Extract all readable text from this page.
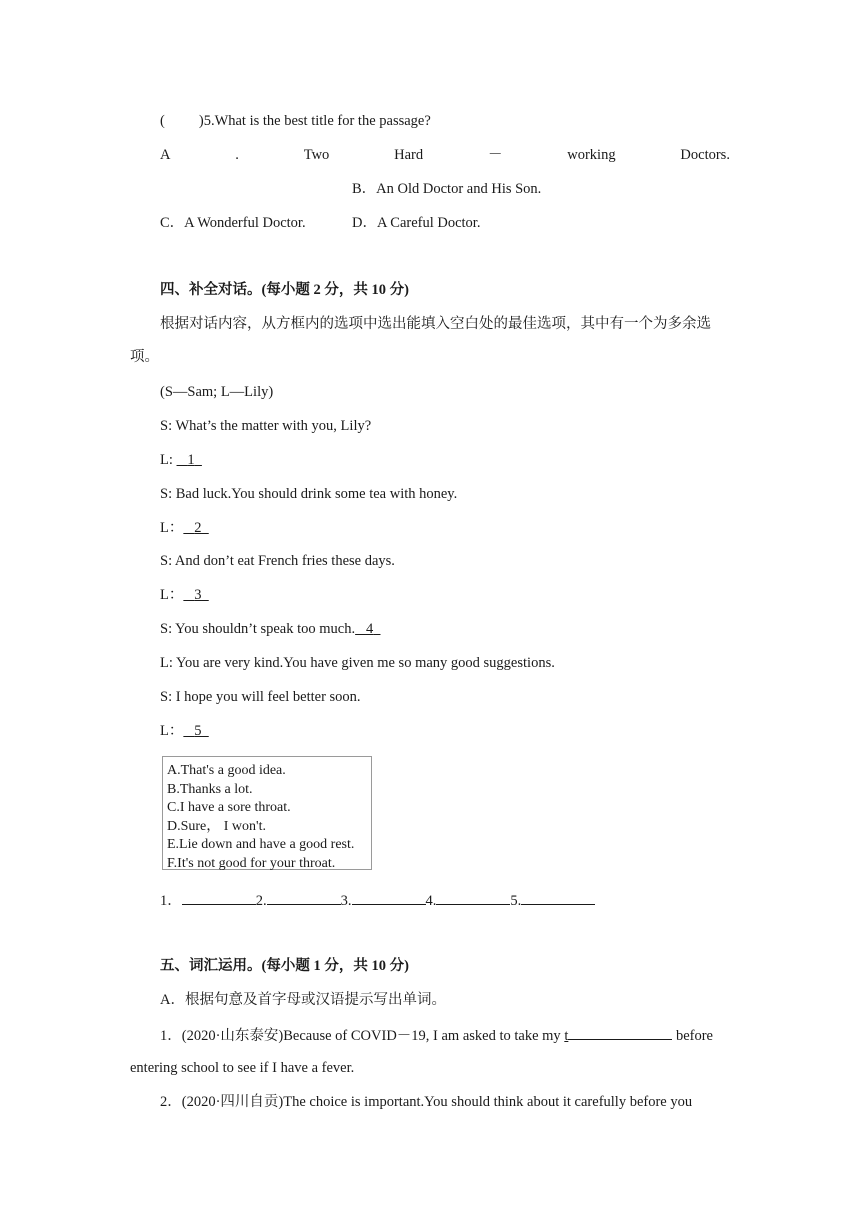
( )5.What is the best title for the passage?
A	.	Two	Hard	－	working	Doctors.
B．An Old Doctor and His Son.
C．A Wonderful Doctor.	D．A Careful Doctor.
四、补全对话。(每小题 2 分，共 10 分)
根据对话内容，从方框内的选项中选出能填入空白处的最佳选项，其中有一个为多余选
项。
(S—Sam; L—Lily)
S: What’s the matter with you, Lily?
L:    1
S: Bad luck.You should drink some tea with honey.
L： 2
S: And don’t eat French fries these days.
L： 3
S: You shouldn’t speak too much. 4
L: You are very kind.You have given me so many good suggestions.
S: I hope you will feel better soon.
L： 5
A.That's a good idea.
B.Thanks a lot.
C.I have a sore throat.
D.Sure， I won't.
E.Lie down and have a good rest.
F.It's not good for your throat.
1．	2.	3.	4.	5.
五、词汇运用。(每小题 1 分，共 10 分)
A．根据句意及首字母或汉语提示写出单词。
1．(2020·山东泰安)Because of COVID－19, I am asked to take my t	before
entering school to see if I have a fever.
2．(2020·四川自贡)The choice is important.You should think about it carefully before you
